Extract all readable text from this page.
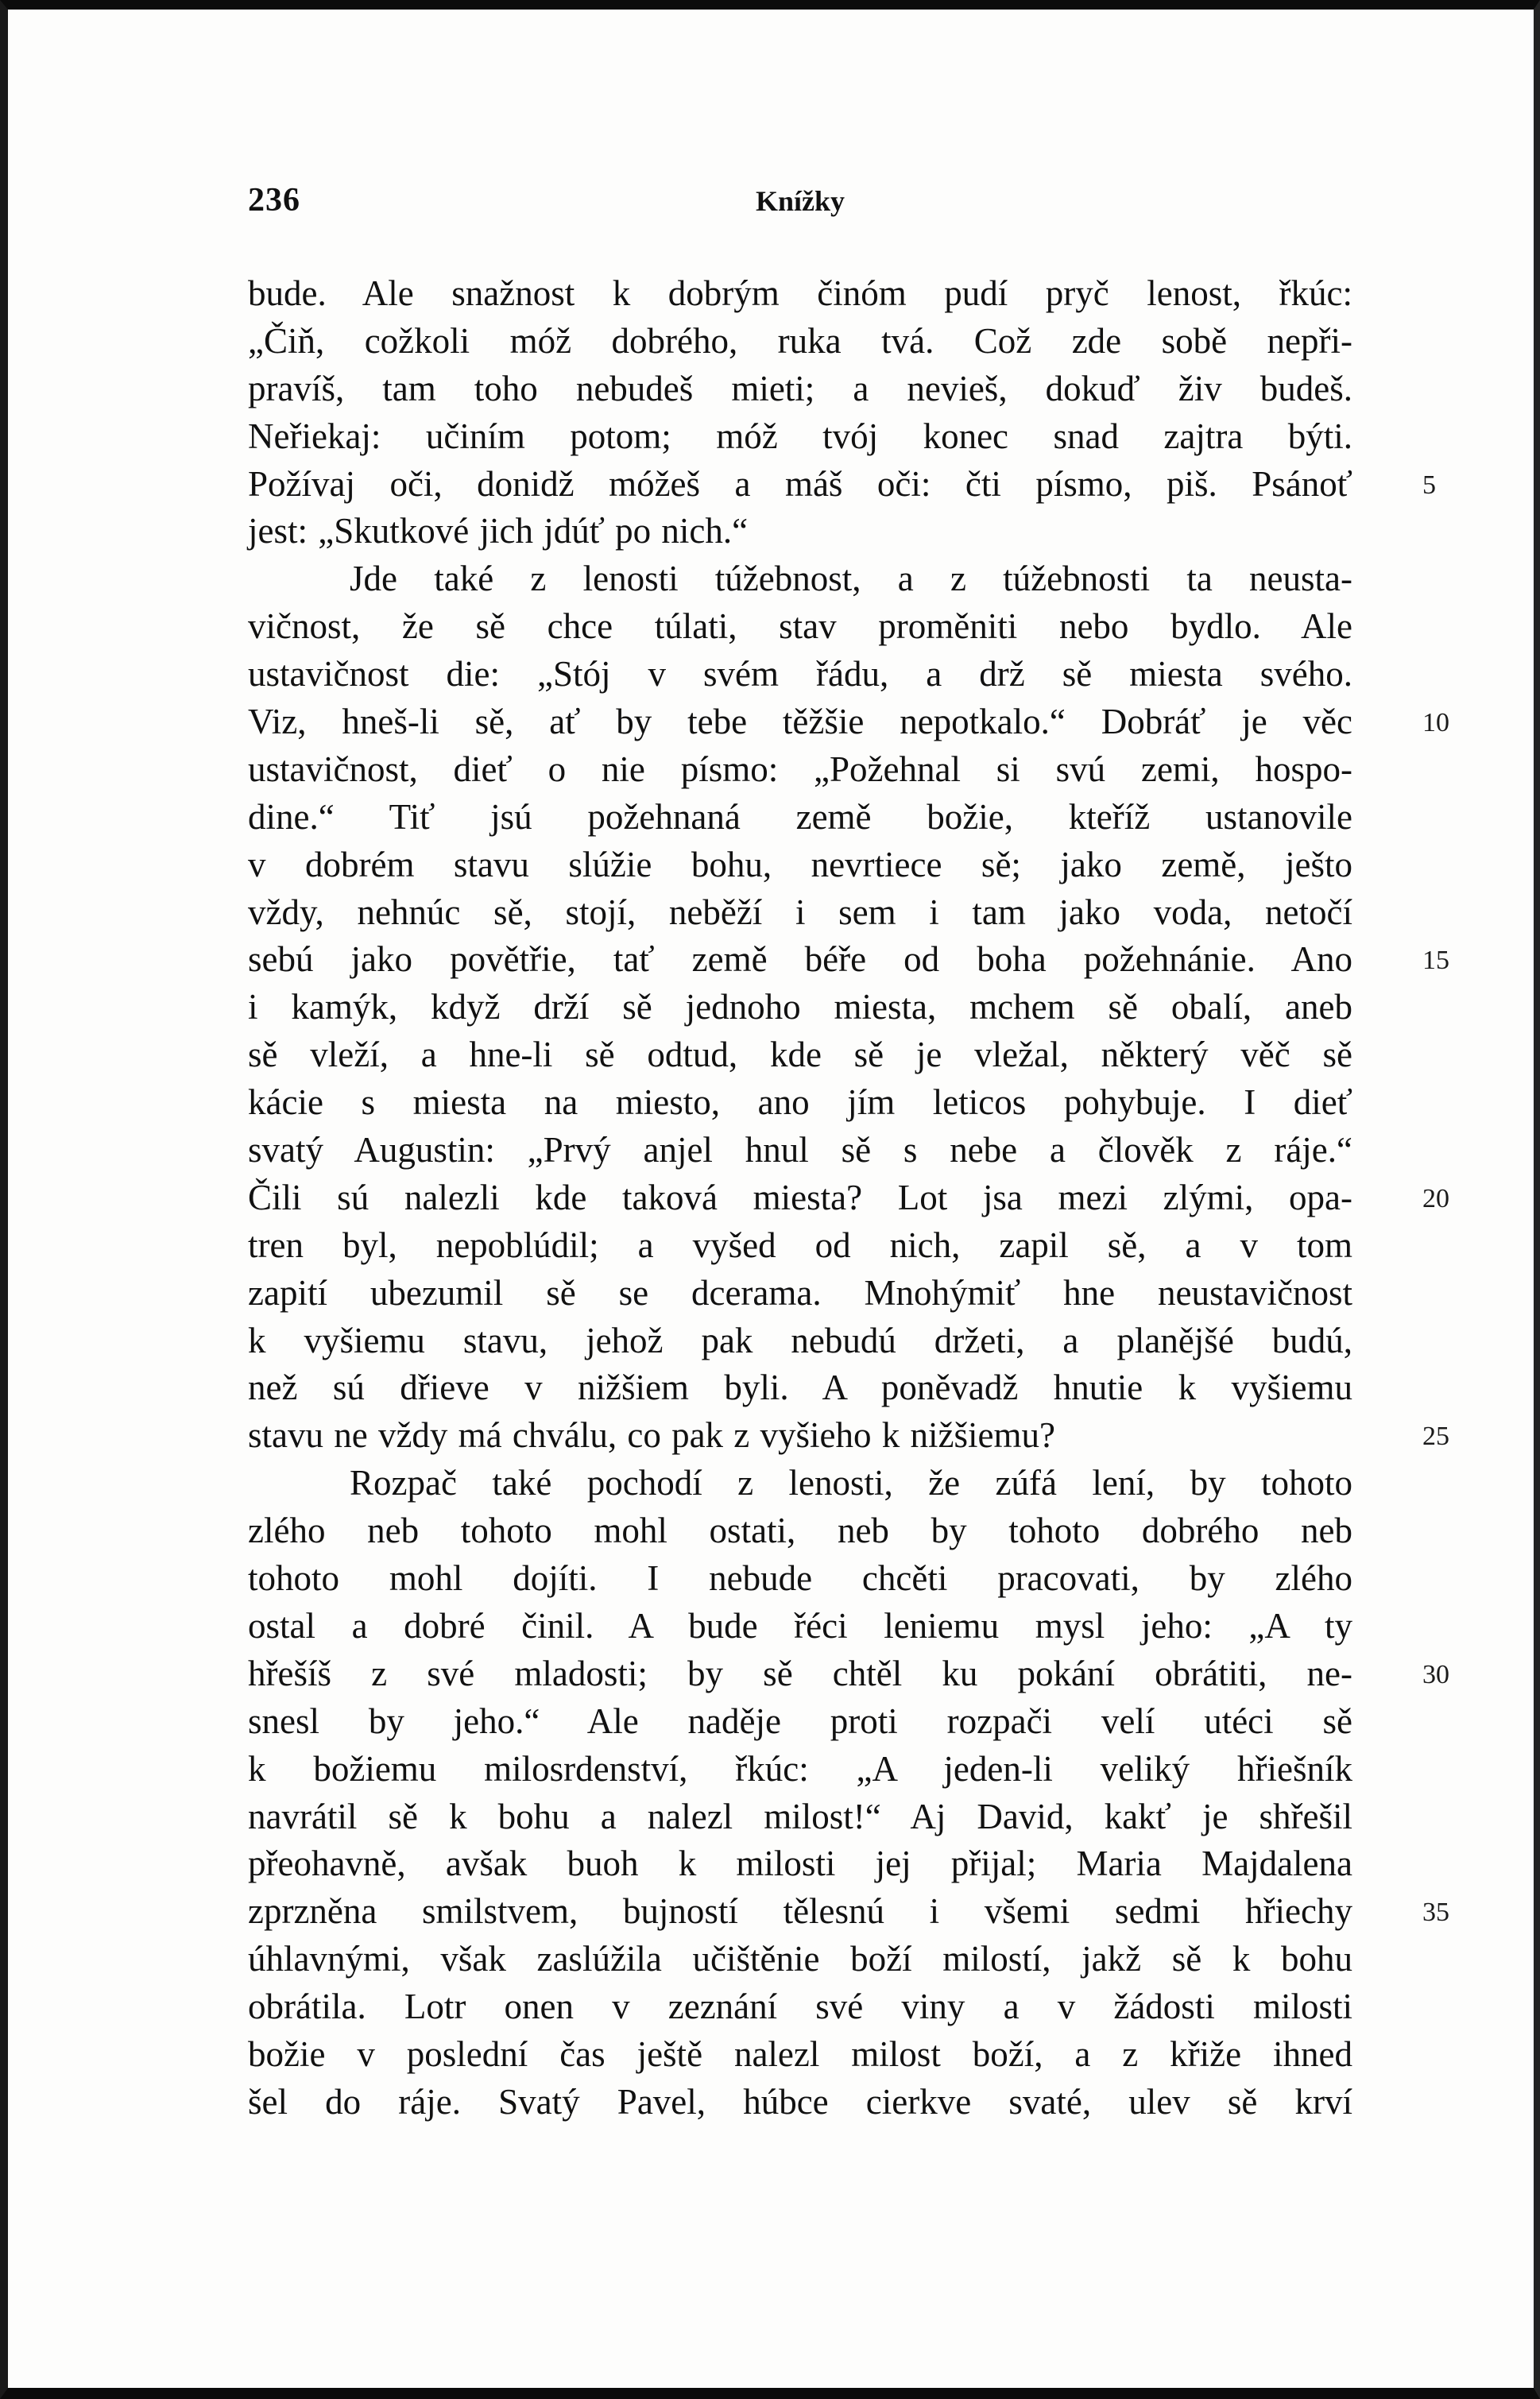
236	Knížky
bude. Ale snažnost k dobrým činóm pudí pryč lenost, řkúc:
„Čiň, cožkoli móž dobrého, ruka tvá. Což zde sobě nepři-
pravíš, tam toho nebudeš mieti; a nevieš, dokuď živ budeš.
Neřiekaj: učiním potom; móž tvój konec snad zajtra býti.
Požívaj oči, donidž móžeš a máš oči: čti písmo, piš. Psánoť	5
jest: „Skutkové jich jdúť po nich.“
Jde také z lenosti túžebnost, a z túžebnosti ta neusta-
vičnost, že sě chce túlati, stav proměniti nebo bydlo. Ale
ustavičnost die: „Stój v svém řádu, a drž sě miesta svého.
Viz, hneš-li sě, ať by tebe těžšie nepotkalo.“ Dobráť je věc	10
ustavičnost, dieť o nie písmo: „Požehnal si svú zemi, hospo-
dine.“ Tiť jsú požehnaná země božie, kteříž ustanovile
v dobrém stavu slúžie bohu, nevrtiece sě; jako země, ješto
vždy, nehnúc sě, stojí, neběží i sem i tam jako voda, netočí
sebú jako povětřie, tať země béře od boha požehnánie. Ano	15
i kamýk, když drží sě jednoho miesta, mchem sě obalí, aneb
sě vleží, a hne-li sě odtud, kde sě je vležal, některý věč sě
kácie s miesta na miesto, ano jím leticos pohybuje. I dieť
svatý Augustin: „Prvý anjel hnul sě s nebe a člověk z ráje.“
Čili sú nalezli kde taková miesta? Lot jsa mezi zlými, opa-	20
tren byl, nepoblúdil; a vyšed od nich, zapil sě, a v tom
zapití ubezumil sě se dcerama. Mnohýmiť hne neustavičnost
k vyšiemu stavu, jehož pak nebudú držeti, a planějšé budú,
než sú dřieve v nižšiem byli. A poněvadž hnutie k vyšiemu
stavu ne vždy má chválu, co pak z vyšieho k nižšiemu?	25
Rozpač také pochodí z lenosti, že zúfá lení, by tohoto
zlého neb tohoto mohl ostati, neb by tohoto dobrého neb
tohoto mohl dojíti. I nebude chcěti pracovati, by zlého
ostal a dobré činil. A bude řéci leniemu mysl jeho: „A ty
hřešíš z své mladosti; by sě chtěl ku pokání obrátiti, ne-	30
snesl by jeho.“ Ale naděje proti rozpači velí utéci sě
k božiemu milosrdenství, řkúc: „A jeden-li veliký hřiešník
navrátil sě k bohu a nalezl milost!“ Aj David, kakť je shřešil
přeohavně, avšak buoh k milosti jej přijal; Maria Majdalena
zprzněna smilstvem, bujností tělesnú i všemi sedmi hřiechy	35
úhlavnými, však zaslúžila učištěnie boží milostí, jakž sě k bohu
obrátila. Lotr onen v zeznání své viny a v žádosti milosti
božie v poslední čas ještě nalezl milost boží, a z křiže ihned
šel do ráje. Svatý Pavel, húbce cierkve svaté, ulev sě krví
